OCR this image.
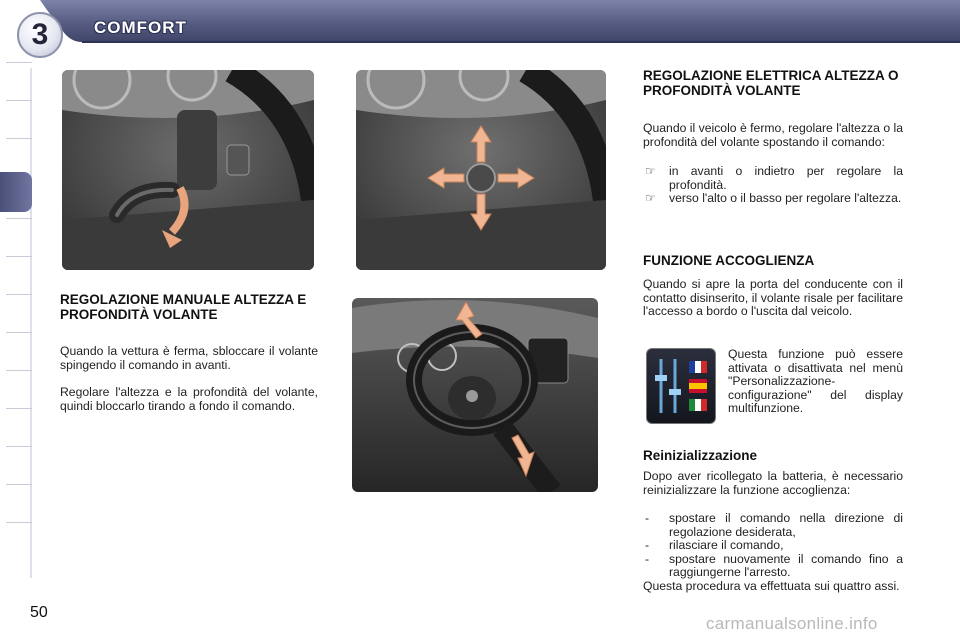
3	COMFORT
REGOLAZIONE MANUALE ALTEZZA E PROFONDITÀ VOLANTE

Quando la vettura è ferma, sbloccare il volante spingendo il comando in avanti.

Regolare l'altezza e la profondità del volante, quindi bloccarlo tirando a fondo il comando.

REGOLAZIONE ELETTRICA ALTEZZA O PROFONDITÀ VOLANTE

Quando il veicolo è fermo, regolare l'altezza o la profondità del volante spostando il comando:

☞ in avanti o indietro per regolare la profondità.
☞ verso l'alto o il basso per regolare l'altezza.
FUNZIONE ACCOGLIENZA

Quando si apre la porta del conducente con il contatto disinserito, il volante risale per facilitare l'accesso a bordo o l'uscita dal veicolo.

Questa funzione può essere attivata o disattivata nel menù "Personalizzazione-configurazione" del display multifunzione.

Reinizializzazione

Dopo aver ricollegato la batteria, è necessario reinizializzare la funzione accoglienza:

- spostare il comando nella direzione di regolazione desiderata,
- rilasciare il comando,
- spostare nuovamente il comando fino a raggiungerne l'arresto.

Questa procedura va effettuata sui quattro assi.

50
carmanualsonline.info
